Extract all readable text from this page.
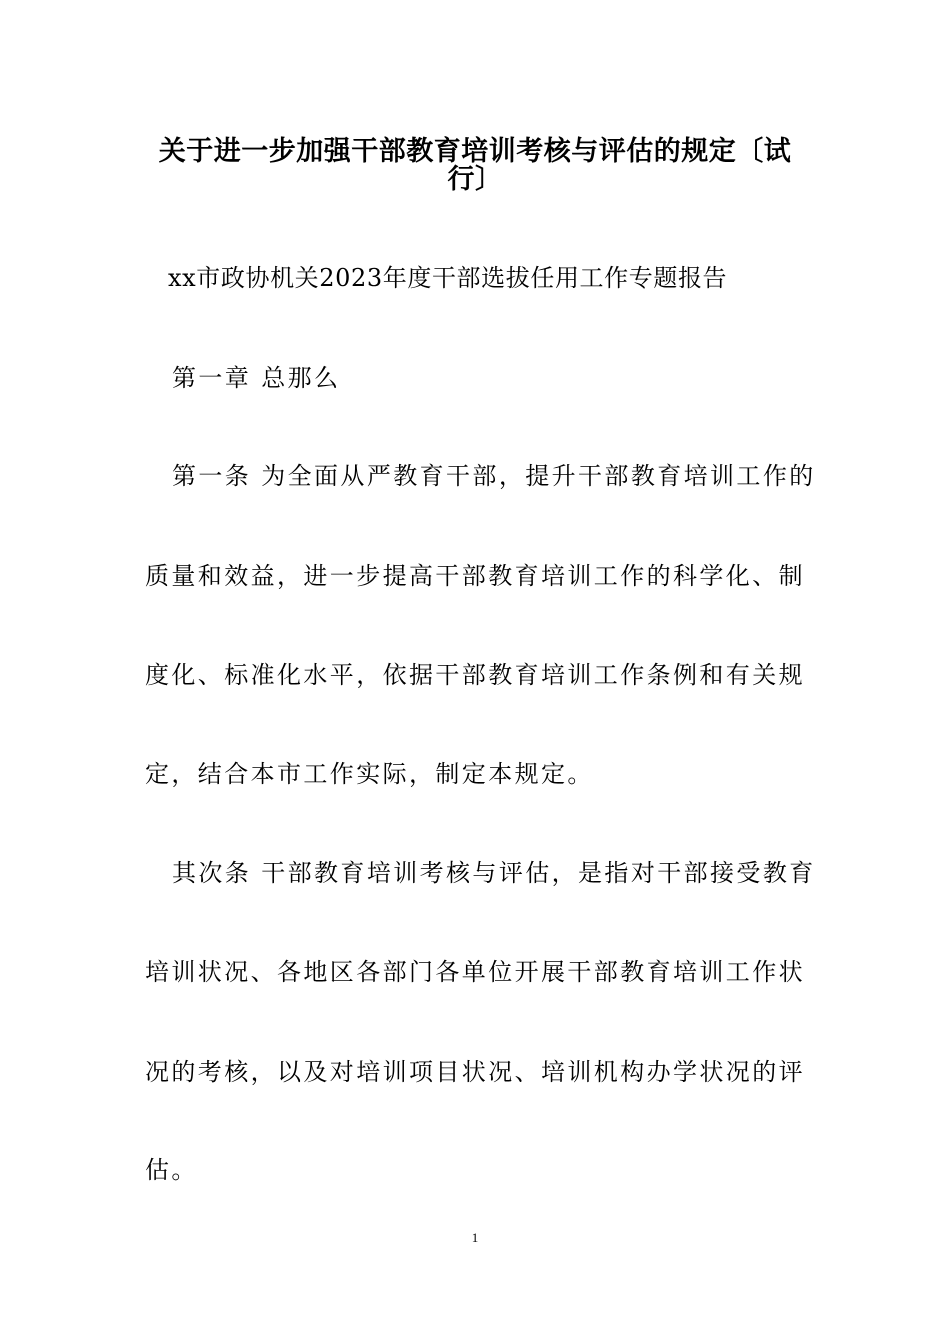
关于进一步加强干部教育培训考核与评估的规定〔试
行〕
xx市政协机关2023年度干部选拔任用工作专题报告
第一章 总那么
第一条 为全面从严教育干部，提升干部教育培训工作的
质量和效益，进一步提高干部教育培训工作的科学化、制
度化、标准化水平，依据干部教育培训工作条例和有关规
定，结合本市工作实际，制定本规定。
其次条 干部教育培训考核与评估，是指对干部接受教育
培训状况、各地区各部门各单位开展干部教育培训工作状
况的考核，以及对培训项目状况、培训机构办学状况的评
估。
1
